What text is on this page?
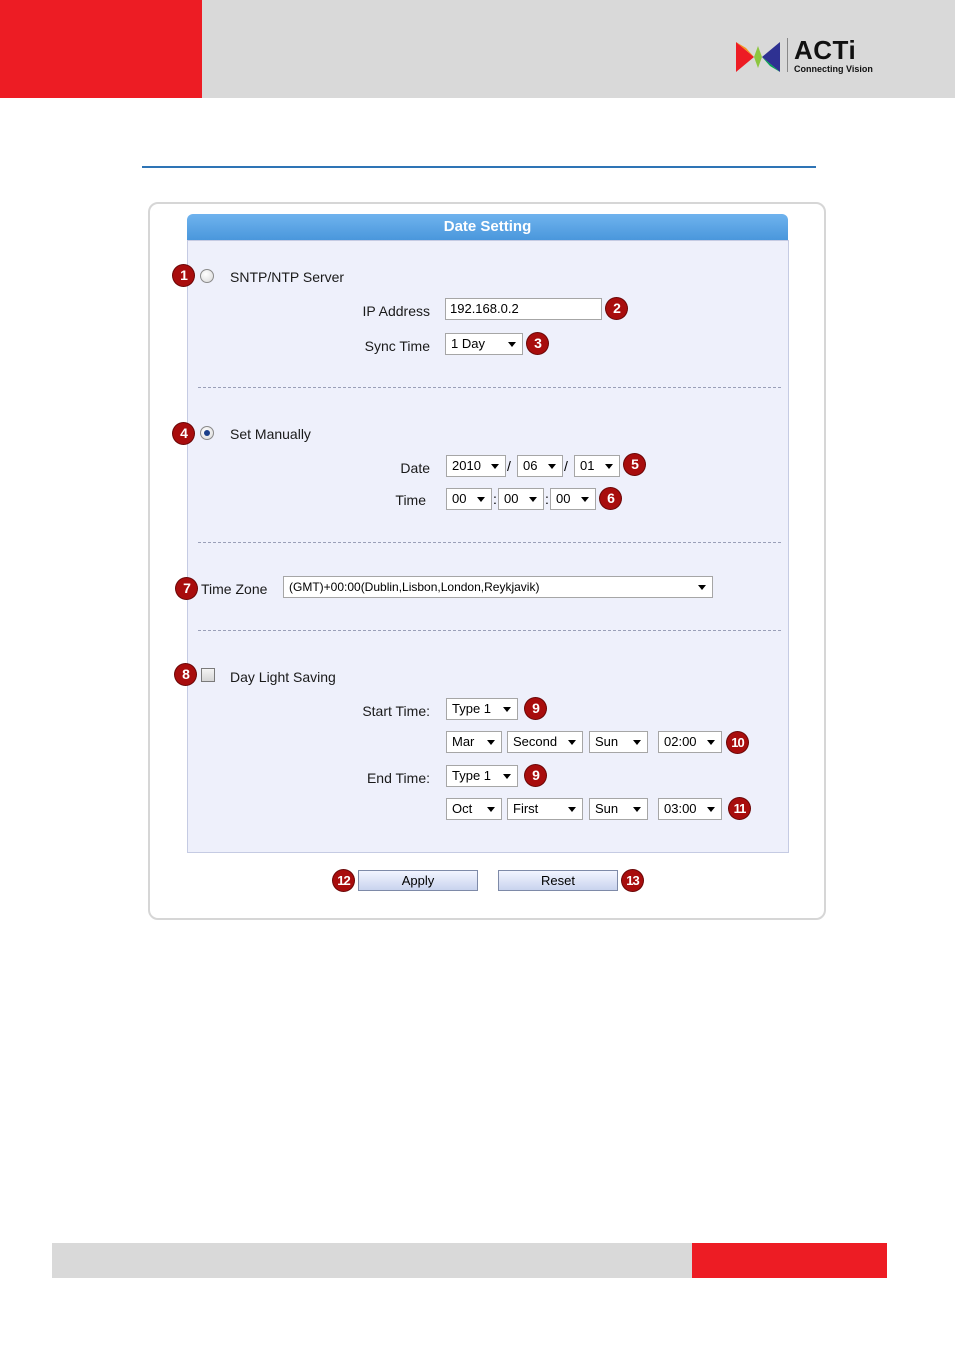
ACTi
Connecting Vision
Date Setting
1	SNTP/NTP Server
IP Address	192.168.0.2	2
Sync Time	1 Day	3
4	Set Manually
Date	2010	/ 06	/ 01	5
Time	00	: 00	: 00	6
7 Time Zone	(GMT)+00:00(Dublin,Lisbon,London,Reykjavik)
8	Day Light Saving
Start Time:	Type 1	9
Mar	Second	Sun	02:00	10
End Time:	Type 1	9
Oct	First	Sun	03:00	11
12	Apply	Reset	13
